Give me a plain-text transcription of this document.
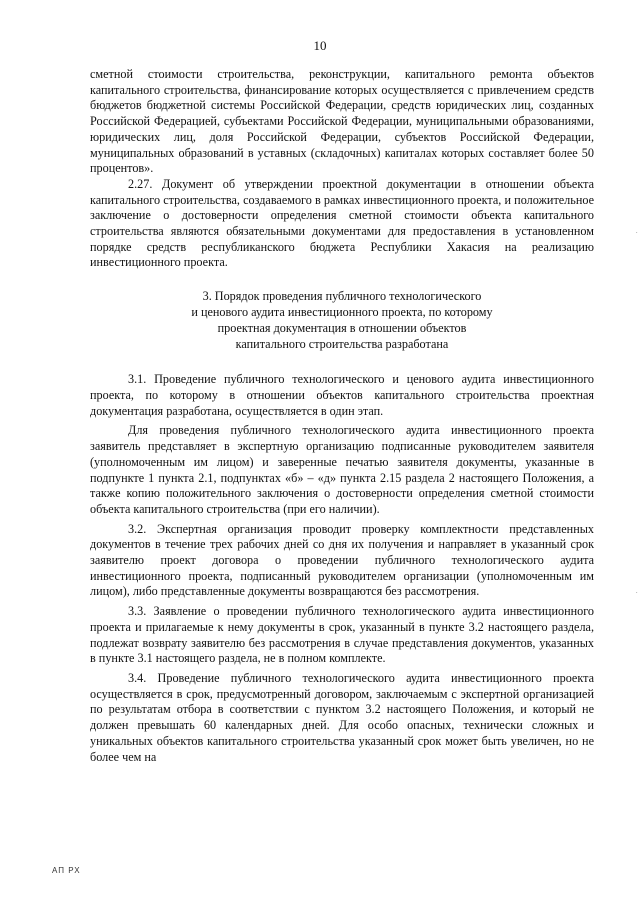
10
·
·

сметной стоимости строительства, реконструкции, капитального ремонта объектов капитального строительства, финансирование которых осуществляется с привлечением средств бюджетов бюджетной системы Российской Федерации, средств юридических лиц, созданных Российской Федерацией, субъектами Российской Федерации, муниципальными образованиями, юридических лиц, доля Российской Федерации, субъектов Российской Федерации, муниципальных образований в уставных (складочных) капиталах которых составляет более 50 процентов».

2.27. Документ об утверждении проектной документации в отношении объекта капитального строительства, создаваемого в рамках инвестиционного проекта, и положительное заключение о достоверности определения сметной стоимости объекта капитального строительства являются обязательными документами для предоставления в установленном порядке средств республиканского бюджета Республики Хакасия на реализацию инвестиционного проекта.

3. Порядок проведения публичного технологического
и ценового аудита инвестиционного проекта, по которому
проектная документация в отношении объектов
капитального строительства разработана

3.1. Проведение публичного технологического и ценового аудита инвестиционного проекта, по которому в отношении объектов капитального строительства проектная документация разработана, осуществляется в один этап.

Для проведения публичного технологического аудита инвестиционного проекта заявитель представляет в экспертную организацию подписанные руководителем заявителя (уполномоченным им лицом) и заверенные печатью заявителя документы, указанные в подпункте 1 пункта 2.1, подпунктах «б» – «д» пункта 2.15 раздела 2 настоящего Положения, а также копию положительного заключения о достоверности определения сметной стоимости объекта капитального строительства (при его наличии).

3.2. Экспертная организация проводит проверку комплектности представленных документов в течение трех рабочих дней со дня их получения и направляет в указанный срок заявителю проект договора о проведении публичного технологического аудита инвестиционного проекта, подписанный руководителем организации (уполномоченным им лицом), либо представленные документы возвращаются без рассмотрения.

3.3. Заявление о проведении публичного технологического аудита инвестиционного проекта и прилагаемые к нему документы в срок, указанный в пункте 3.2 настоящего раздела, подлежат возврату заявителю без рассмотрения в случае представления документов, указанных в пункте 3.1 настоящего раздела, не в полном комплекте.

3.4. Проведение публичного технологического аудита инвестиционного проекта осуществляется в срок, предусмотренный договором, заключаемым с экспертной организацией по результатам отбора в соответствии с пунктом 3.2 настоящего Положения, и который не должен превышать 60 календарных дней. Для особо опасных, технически сложных и уникальных объектов капитального строительства указанный срок может быть увеличен, но не более чем на

АП РХ
